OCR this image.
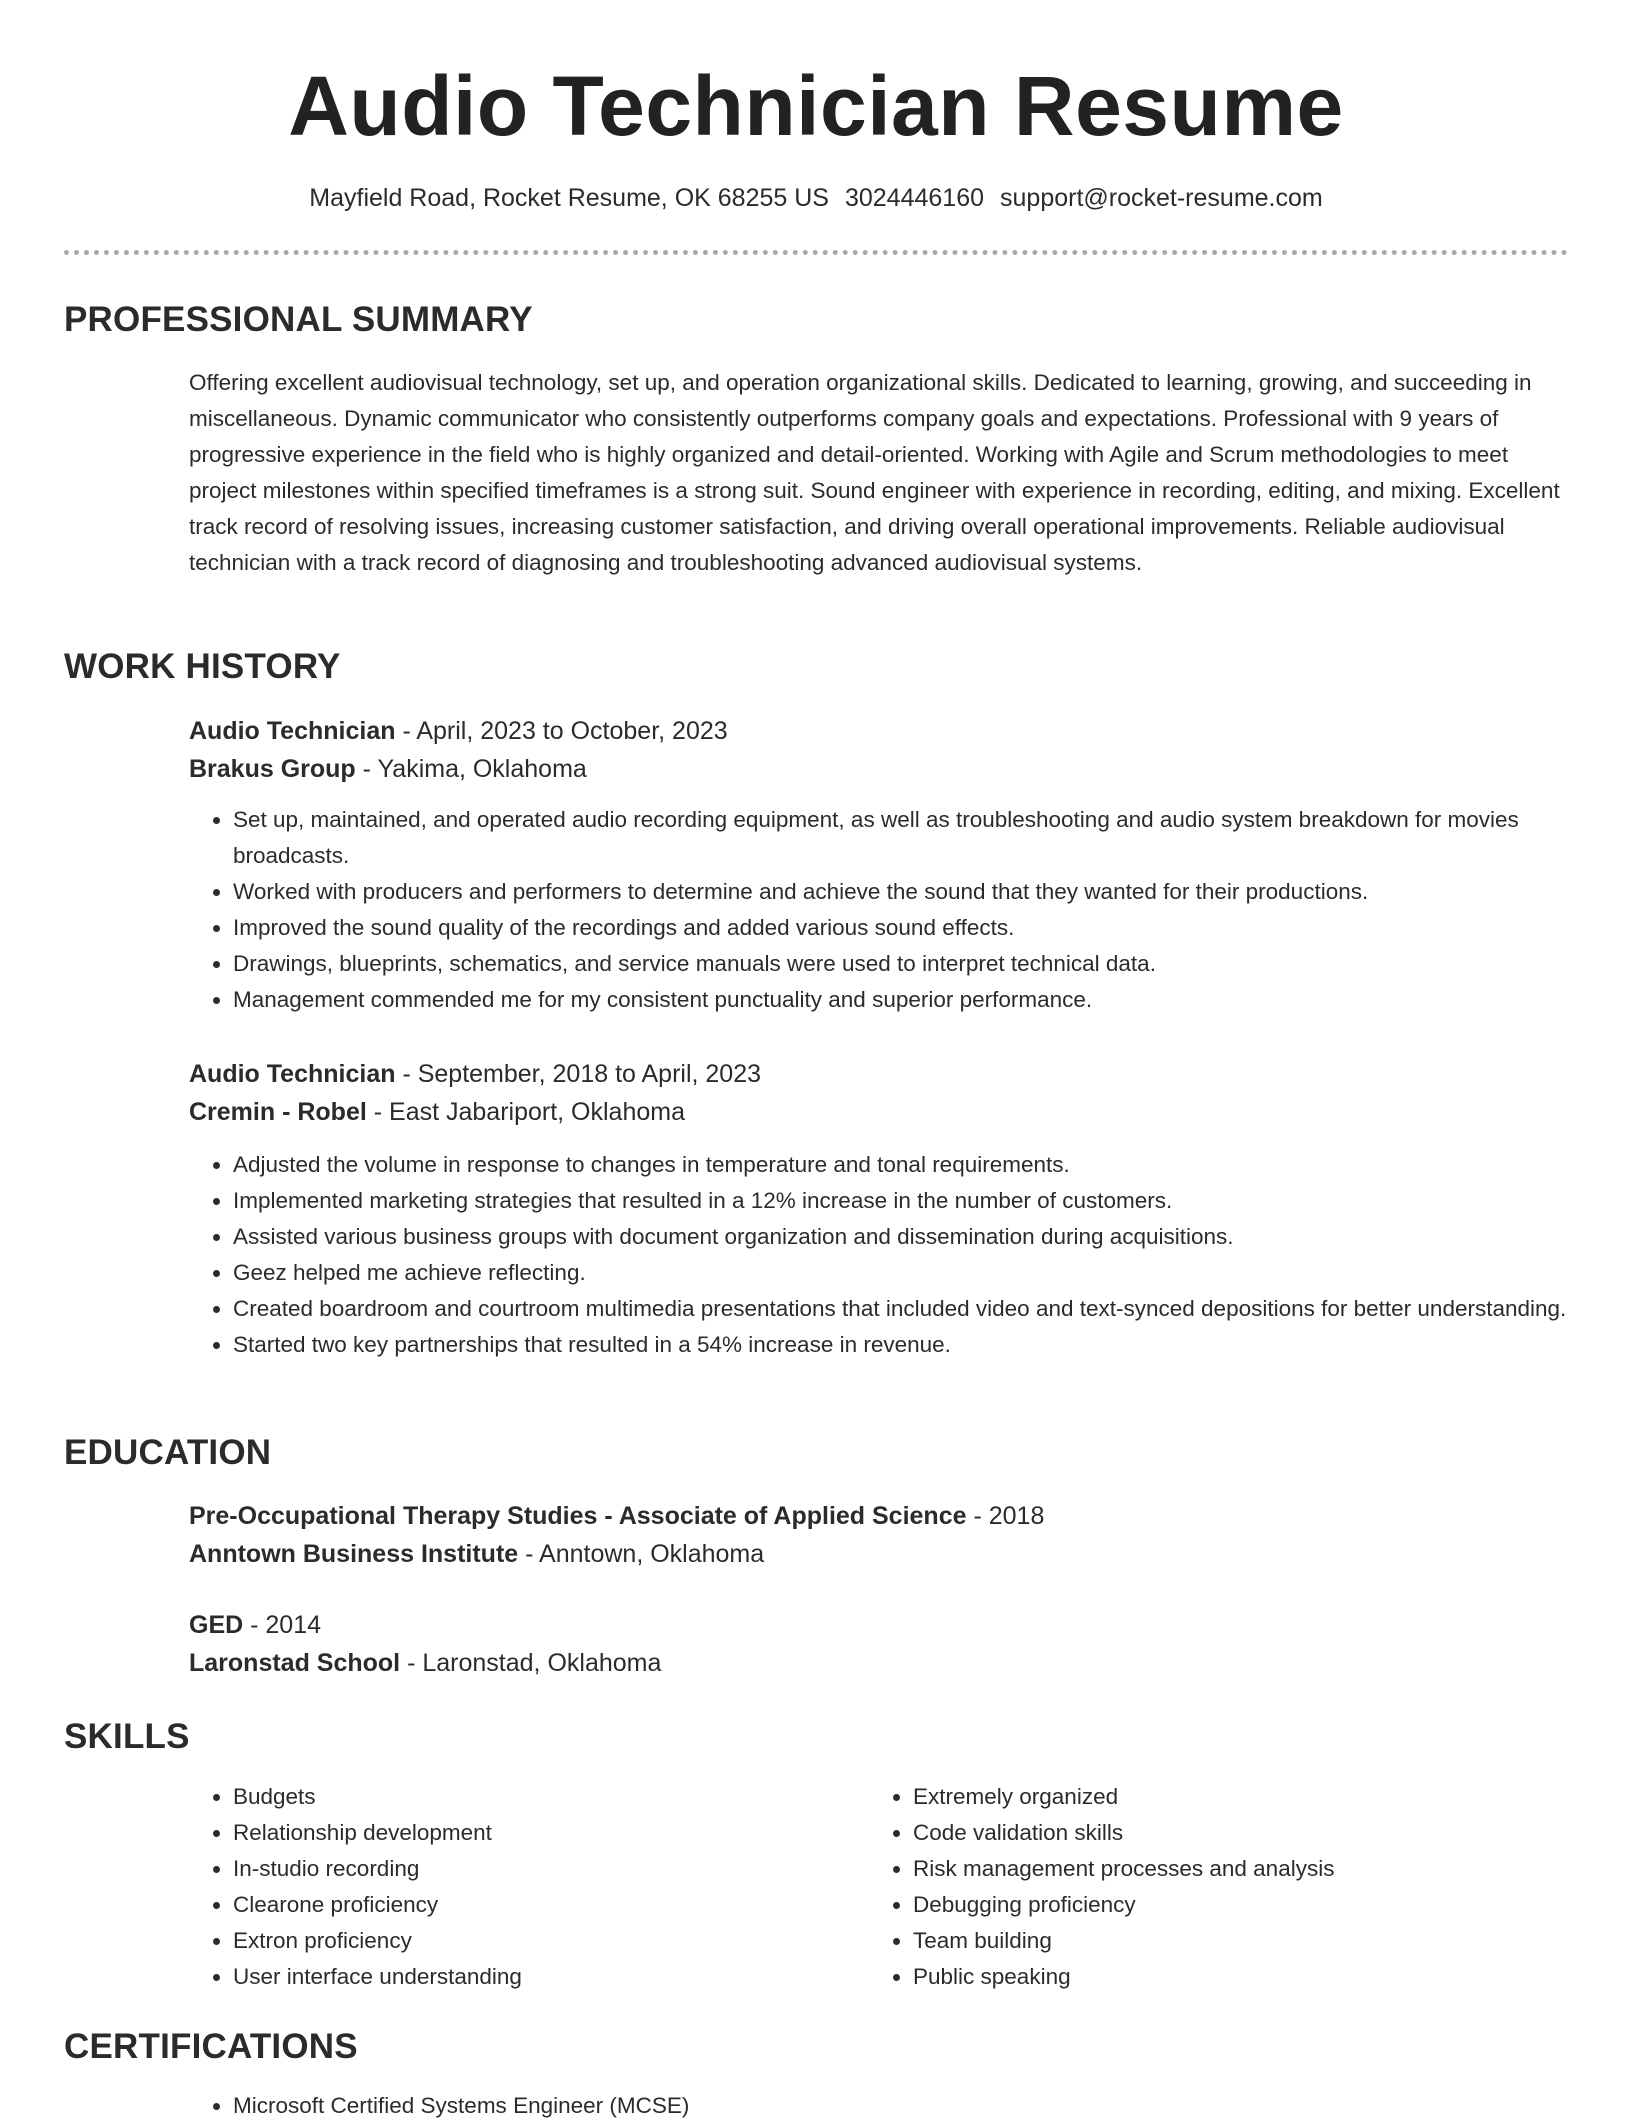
Audio Technician Resume
Mayfield Road, Rocket Resume, OK 68255 US 3024446160 support@rocket-resume.com
PROFESSIONAL SUMMARY

Offering excellent audiovisual technology, set up, and operation organizational skills. Dedicated to learning, growing, and succeeding in miscellaneous. Dynamic communicator who consistently outperforms company goals and expectations. Professional with 9 years of progressive experience in the field who is highly organized and detail-oriented. Working with Agile and Scrum methodologies to meet project milestones within specified timeframes is a strong suit. Sound engineer with experience in recording, editing, and mixing. Excellent track record of resolving issues, increasing customer satisfaction, and driving overall operational improvements. Reliable audiovisual technician with a track record of diagnosing and troubleshooting advanced audiovisual systems.

WORK HISTORY

Audio Technician - April, 2023 to October, 2023

Brakus Group - Yakima, Oklahoma

• Set up, maintained, and operated audio recording equipment, as well as troubleshooting and audio system breakdown for movies broadcasts.
• Worked with producers and performers to determine and achieve the sound that they wanted for their productions.
• Improved the sound quality of the recordings and added various sound effects.
• Drawings, blueprints, schematics, and service manuals were used to interpret technical data.
• Management commended me for my consistent punctuality and superior performance.

Audio Technician - September, 2018 to April, 2023

Cremin - Robel - East Jabariport, Oklahoma

• Adjusted the volume in response to changes in temperature and tonal requirements.
• Implemented marketing strategies that resulted in a 12% increase in the number of customers.
• Assisted various business groups with document organization and dissemination during acquisitions.
• Geez helped me achieve reflecting.
• Created boardroom and courtroom multimedia presentations that included video and text-synced depositions for better understanding.
• Started two key partnerships that resulted in a 54% increase in revenue.
EDUCATION

Pre-Occupational Therapy Studies - Associate of Applied Science - 2018

Anntown Business Institute - Anntown, Oklahoma

GED - 2014

Laronstad School - Laronstad, Oklahoma

SKILLS
• Budgets
• Relationship development
• In-studio recording
• Clearone proficiency
• Extron proficiency
• User interface understanding
• Extremely organized
• Code validation skills
• Risk management processes and analysis
• Debugging proficiency
• Team building
• Public speaking
CERTIFICATIONS
• Microsoft Certified Systems Engineer (MCSE)
